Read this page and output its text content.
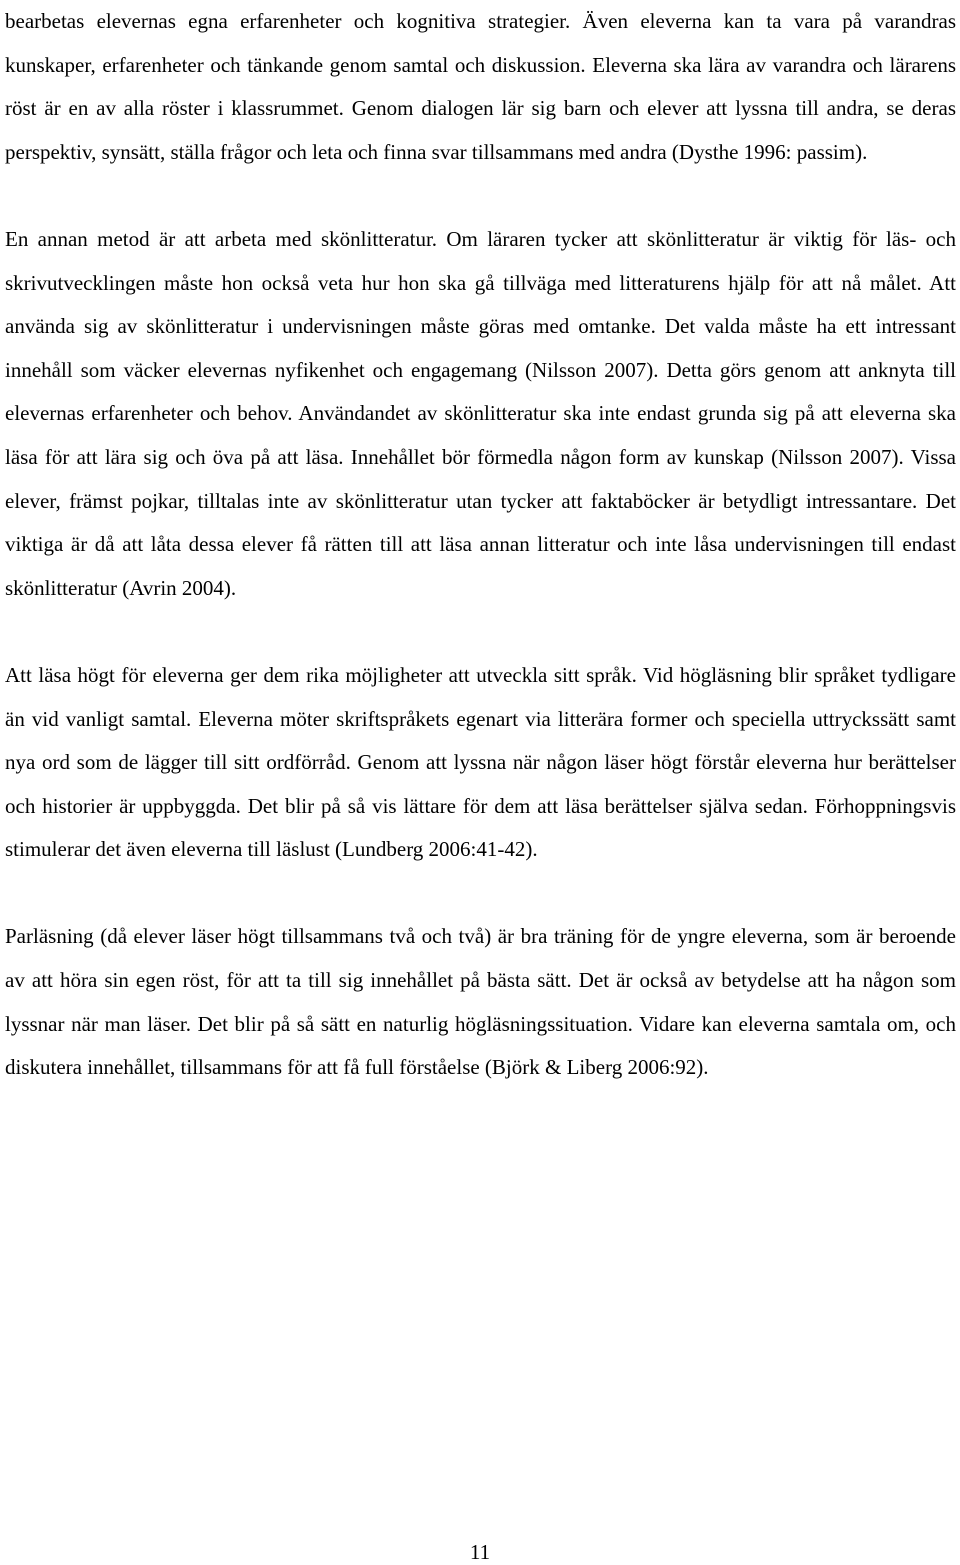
bearbetas elevernas egna erfarenheter och kognitiva strategier. Även eleverna kan ta vara på varandras kunskaper, erfarenheter och tänkande genom samtal och diskussion. Eleverna ska lära av varandra och lärarens röst är en av alla röster i klassrummet. Genom dialogen lär sig barn och elever att lyssna till andra, se deras perspektiv, synsätt, ställa frågor och leta och finna svar tillsammans med andra (Dysthe 1996: passim).

En annan metod är att arbeta med skönlitteratur. Om läraren tycker att skönlitteratur är viktig för läs- och skrivutvecklingen måste hon också veta hur hon ska gå tillväga med litteraturens hjälp för att nå målet. Att använda sig av skönlitteratur i undervisningen måste göras med omtanke. Det valda måste ha ett intressant innehåll som väcker elevernas nyfikenhet och engagemang (Nilsson 2007). Detta görs genom att anknyta till elevernas erfarenheter och behov. Användandet av skönlitteratur ska inte endast grunda sig på att eleverna ska läsa för att lära sig och öva på att läsa. Innehållet bör förmedla någon form av kunskap (Nilsson 2007). Vissa elever, främst pojkar, tilltalas inte av skönlitteratur utan tycker att faktaböcker är betydligt intressantare. Det viktiga är då att låta dessa elever få rätten till att läsa annan litteratur och inte låsa undervisningen till endast skönlitteratur (Avrin 2004).

Att läsa högt för eleverna ger dem rika möjligheter att utveckla sitt språk. Vid högläsning blir språket tydligare än vid vanligt samtal. Eleverna möter skriftspråkets egenart via litterära former och speciella uttryckssätt samt nya ord som de lägger till sitt ordförråd. Genom att lyssna när någon läser högt förstår eleverna hur berättelser och historier är uppbyggda. Det blir på så vis lättare för dem att läsa berättelser själva sedan. Förhoppningsvis stimulerar det även eleverna till läslust (Lundberg 2006:41-42).

Parläsning (då elever läser högt tillsammans två och två) är bra träning för de yngre eleverna, som är beroende av att höra sin egen röst, för att ta till sig innehållet på bästa sätt. Det är också av betydelse att ha någon som lyssnar när man läser. Det blir på så sätt en naturlig högläsningssituation. Vidare kan eleverna samtala om, och diskutera innehållet, tillsammans för att få full förståelse (Björk & Liberg 2006:92).

11
